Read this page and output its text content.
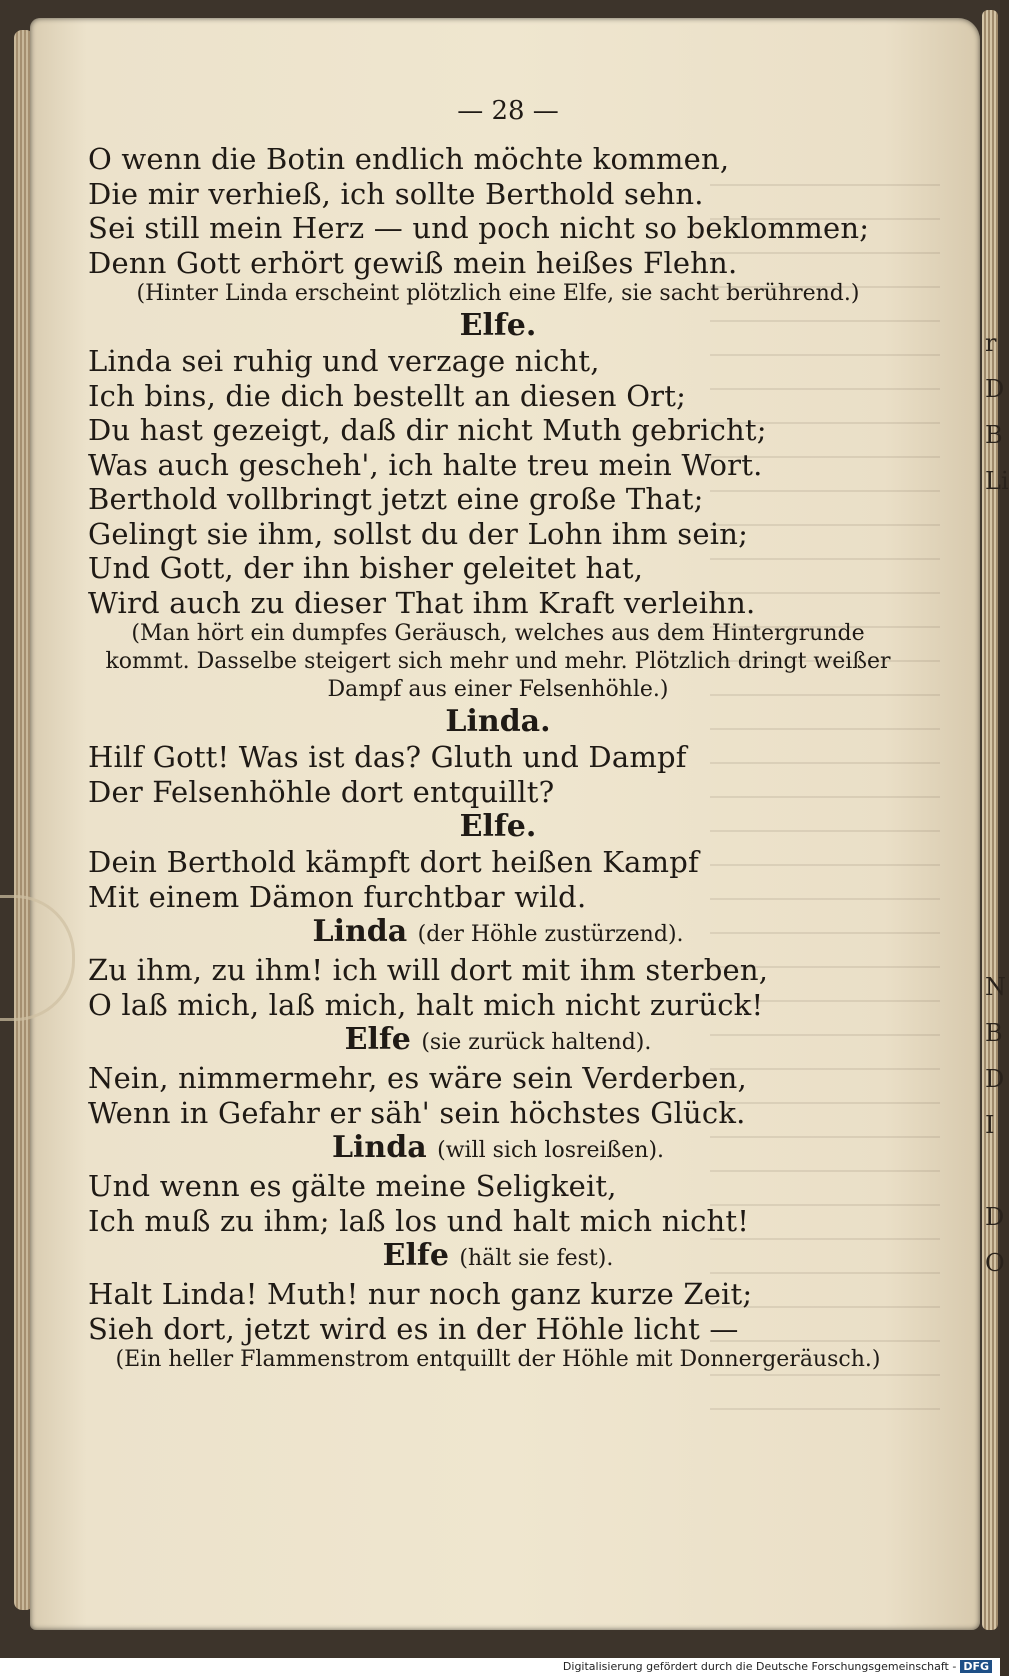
r
D
B
Li
N
B
D
I
D
O
— 28 —
O wenn die Botin endlich möchte kommen,
Die mir verhieß, ich sollte Berthold sehn.
Sei still mein Herz — und poch nicht so beklommen;
Denn Gott erhört gewiß mein heißes Flehn.
(Hinter Linda erscheint plötzlich eine Elfe, sie sacht berührend.)
Elfe.
Linda sei ruhig und verzage nicht,
Ich bins, die dich bestellt an diesen Ort;
Du hast gezeigt, daß dir nicht Muth gebricht;
Was auch gescheh', ich halte treu mein Wort.
Berthold vollbringt jetzt eine große That;
Gelingt sie ihm, sollst du der Lohn ihm sein;
Und Gott, der ihn bisher geleitet hat,
Wird auch zu dieser That ihm Kraft verleihn.
(Man hört ein dumpfes Geräusch, welches aus dem Hintergrunde kommt. Dasselbe steigert sich mehr und mehr. Plötzlich dringt weißer Dampf aus einer Felsenhöhle.)
Linda.
Hilf Gott! Was ist das? Gluth und Dampf
Der Felsenhöhle dort entquillt?
Elfe.
Dein Berthold kämpft dort heißen Kampf
Mit einem Dämon furchtbar wild.
Linda (der Höhle zustürzend).
Zu ihm, zu ihm! ich will dort mit ihm sterben,
O laß mich, laß mich, halt mich nicht zurück!
Elfe (sie zurück haltend).
Nein, nimmermehr, es wäre sein Verderben,
Wenn in Gefahr er säh' sein höchstes Glück.
Linda (will sich losreißen).
Und wenn es gälte meine Seligkeit,
Ich muß zu ihm; laß los und halt mich nicht!
Elfe (hält sie fest).
Halt Linda! Muth! nur noch ganz kurze Zeit;
Sieh dort, jetzt wird es in der Höhle licht —
(Ein heller Flammenstrom entquillt der Höhle mit Donnergeräusch.)
Digitalisierung gefördert durch die Deutsche Forschungsgemeinschaft - DFG
